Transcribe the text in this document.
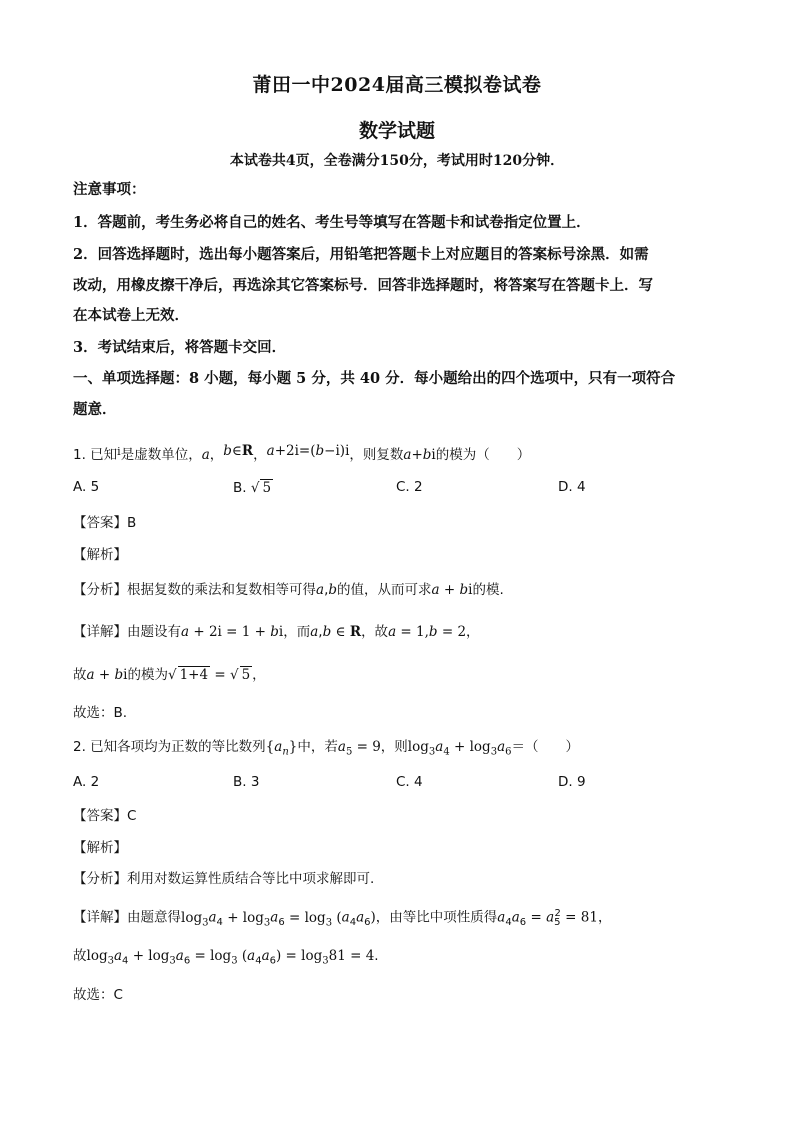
莆田一中2024届高三模拟卷试卷
数学试题
本试卷共4页，全卷满分150分，考试用时120分钟．
注意事项：
1．答题前，考生务必将自己的姓名、考生号等填写在答题卡和试卷指定位置上．
2．回答选择题时，选出每小题答案后，用铅笔把答题卡上对应题目的答案标号涂黑．如需
改动，用橡皮擦干净后，再选涂其它答案标号．回答非选择题时，将答案写在答题卡上．写
在本试卷上无效．
3．考试结束后，将答题卡交回．
一、单项选择题：8 小题，每小题 5 分，共 40 分．每小题给出的四个选项中，只有一项符合
题意．
1. 已知$^i$是虚数单位，a，b∈R，a+2i=(b−i)i，则复数a+bi的模为（　　）
A. 5	B. √ 5	C. 2	D. 4
【答案】B
【解析】
【分析】根据复数的乘法和复数相等可得a,b的值，从而可求a + bi的模.
【详解】由题设有a + 2i = 1 + bi，而a,b ∈ R，故a = 1,b = 2，
故a + bi的模为√ 1+4 = √ 5 ，
故选：B.
2. 已知各项均为正数的等比数列$\{a_n\}$中，若$a_5 = 9$，则$\log_3a_4 + \log_3a_6=$（　　）
A. 2	B. 3	C. 4	D. 9
【答案】C
【解析】
【分析】利用对数运算性质结合等比中项求解即可.
【详解】由题意得$\log_3a_4 + \log_3a_6 = \log_3 (a_4a_6)$，由等比中项性质得$a_4a_6 = a_5^2 = 81$，
故$\log_3a_4 + \log_3a_6 = \log_3 (a_4a_6) = \log_381 = 4$.
故选：C
